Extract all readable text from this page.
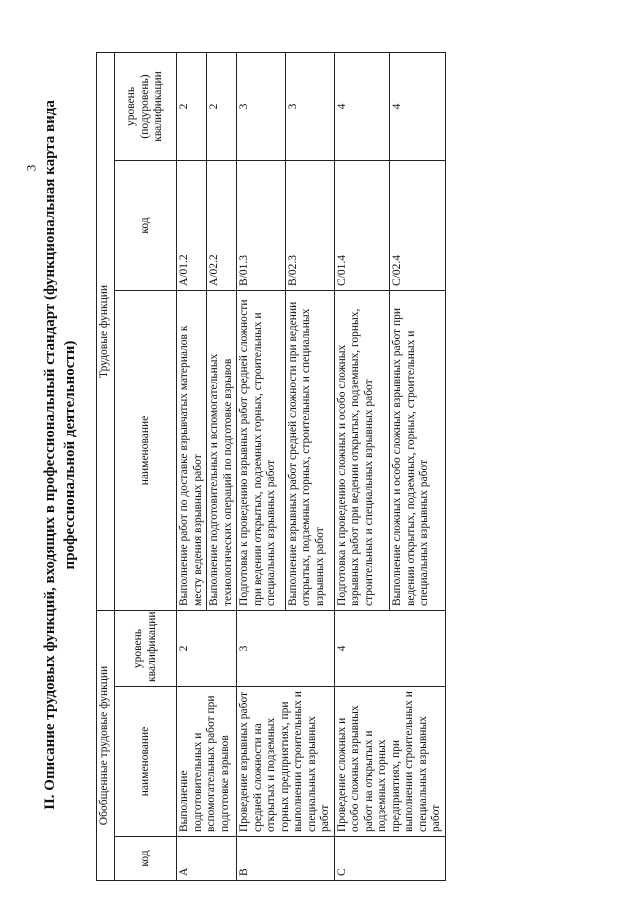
3 II. Описание трудовых функций, входящих в профессиональный стандарт (функциональная карта вида профессиональной деятельности)
Обобщенные трудовые функции			Трудовые функции		
код	наименование	уровень квалификации	наименование	код	уровень (подуровень) квалификации
A	Выполнение подготовительных и вспомогательных работ при подготовке взрывов	2	Выполнение работ по доставке взрывчатых материалов к месту ведения взрывных работ	A/01.2	2
			Выполнение подготовительных и вспомогательных технологических операций по подготовке взрывов	A/02.2	2
B	Проведение взрывных работ средней сложности на открытых и подземных горных предприятиях, при выполнении строительных и специальных взрывных работ	3	Подготовка к проведению взрывных работ средней сложности при ведении открытых, подземных горных, строительных и специальных взрывных работ	B/01.3	3
			Выполнение взрывных работ средней сложности при ведении открытых, подземных горных, строительных и специальных взрывных работ	B/02.3	3
C	Проведение сложных и особо сложных взрывных работ на открытых и подземных горных предприятиях, при выполнении строительных и специальных взрывных работ	4	Подготовка к проведению сложных и особо сложных взрывных работ при ведении открытых, подземных, горных, строительных и специальных взрывных работ	C/01.4	4
			Выполнение сложных и особо сложных взрывных работ при ведении открытых, подземных, горных, строительных и специальных взрывных работ	C/02.4	4
